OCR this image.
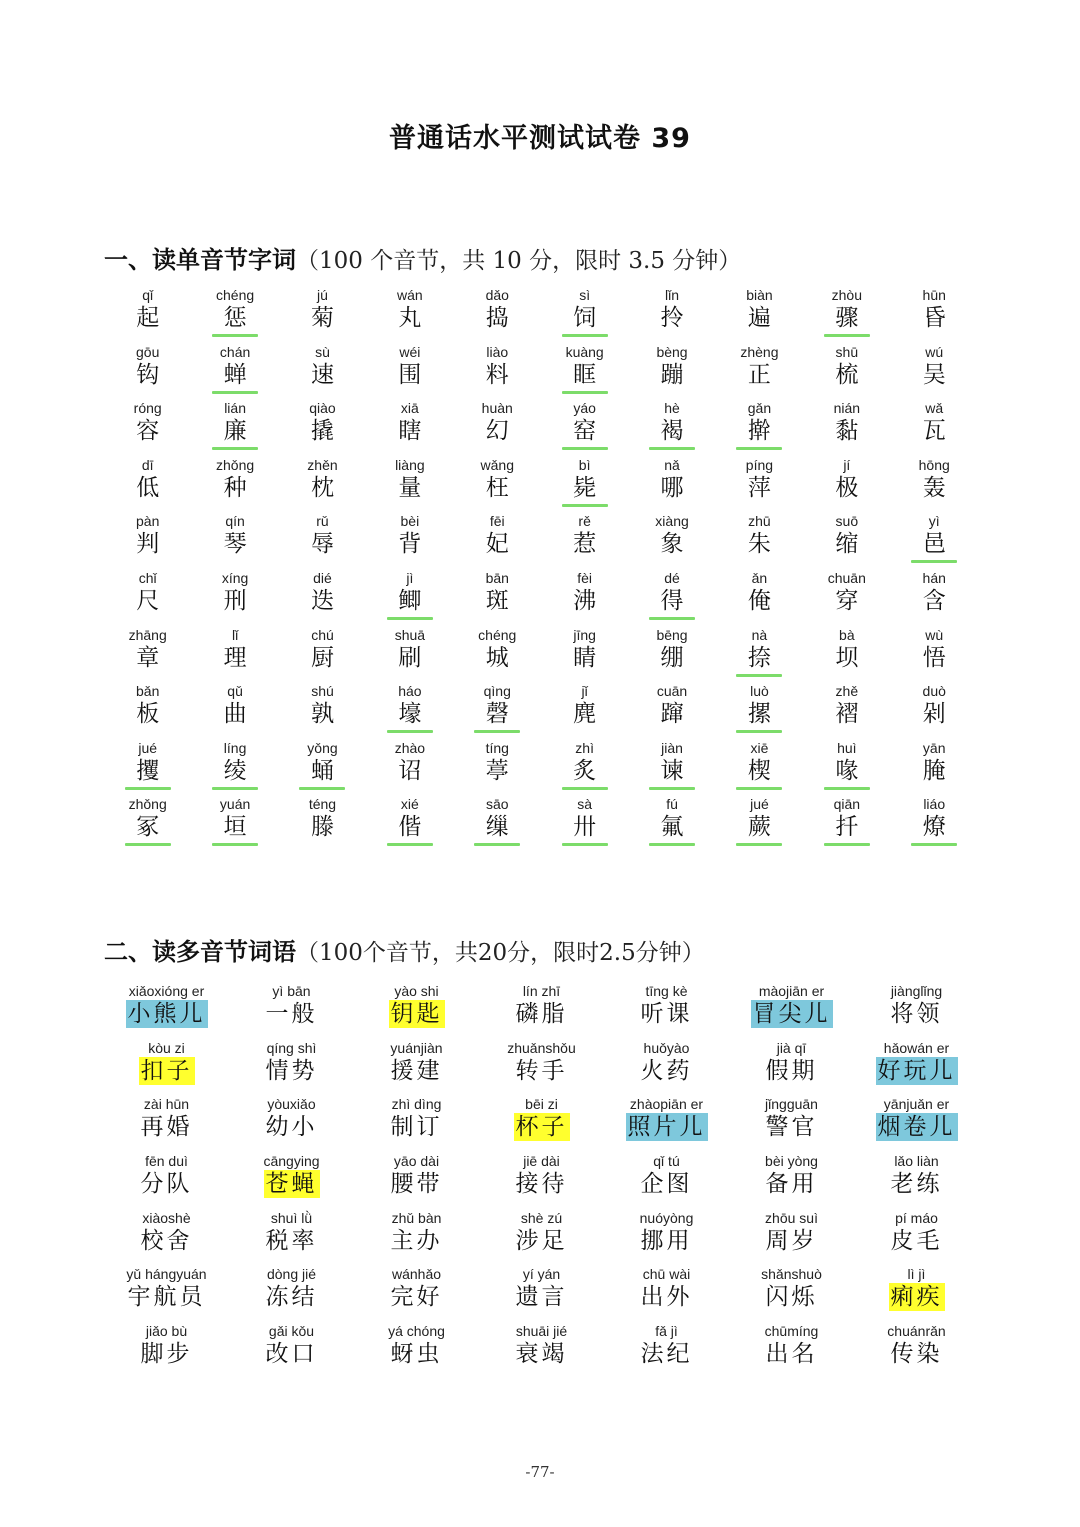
普通话水平测试试卷 39
一、读单音节字词（100 个音节，共 10 分，限时 3.5 分钟）
qǐ
起
chéng
惩
jú
菊
wán
丸
dǎo
捣
sì
饲
lǐn
拎
biàn
遍
zhòu
骤
hūn
昏
gōu
钩
chán
蝉
sù
速
wéi
围
liào
料
kuàng
眶
bèng
蹦
zhèng
正
shū
梳
wú
吴
róng
容
lián
廉
qiào
撬
xiā
瞎
huàn
幻
yáo
窑
hè
褐
gǎn
擀
nián
黏
wǎ
瓦
dī
低
zhǒng
种
zhěn
枕
liàng
量
wǎng
枉
bì
毙
nǎ
哪
píng
萍
jí
极
hōng
轰
pàn
判
qín
琴
rǔ
辱
bèi
背
fēi
妃
rě
惹
xiàng
象
zhū
朱
suō
缩
yì
邑
chǐ
尺
xíng
刑
dié
迭
jì
鲫
bān
斑
fèi
沸
dé
得
ǎn
俺
chuān
穿
hán
含
zhāng
章
lǐ
理
chú
厨
shuā
刷
chéng
城
jīng
睛
bēng
绷
nà
捺
bà
坝
wù
悟
bǎn
板
qǔ
曲
shú
孰
háo
壕
qìng
磬
jǐ
麂
cuān
蹿
luò
摞
zhě
褶
duò
剁
jué
攫
líng
绫
yǒng
蛹
zhào
诏
tíng
葶
zhì
炙
jiàn
谏
xiē
楔
huì
喙
yān
腌
zhǒng
冢
yuán
垣
téng
滕
xié
偕
sāo
缫
sà
卅
fú
氟
jué
蕨
qiān
扦
liáo
燎
二、读多音节词语（100个音节，共20分，限时2.5分钟）
xiǎoxióng er
小熊儿
yì bān
一般
yào shi
钥匙
lín zhī
磷脂
tīng kè
听课
màojiān er
冒尖儿
jiànglǐng
将领
kòu zi
扣子
qíng shì
情势
yuánjiàn
援建
zhuǎnshǒu
转手
huǒyào
火药
jià qī
假期
hǎowán er
好玩儿
zài hūn
再婚
yòuxiǎo
幼小
zhì dìng
制订
bēi zi
杯子
zhàopiān er
照片儿
jǐngguān
警官
yānjuǎn er
烟卷儿
fēn duì
分队
cāngying
苍蝇
yāo dài
腰带
jiē dài
接待
qǐ tú
企图
bèi yòng
备用
lǎo liàn
老练
xiàoshè
校舍
shuì lǜ
税率
zhǔ bàn
主办
shè zú
涉足
nuóyòng
挪用
zhōu suì
周岁
pí máo
皮毛
yǔ hángyuán
宇航员
dòng jié
冻结
wánhǎo
完好
yí yán
遗言
chū wài
出外
shǎnshuò
闪烁
lì jì
痢疾
jiǎo bù
脚步
gǎi kǒu
改口
yá chóng
蚜虫
shuāi jié
衰竭
fǎ jì
法纪
chūmíng
出名
chuánrǎn
传染
-77-
